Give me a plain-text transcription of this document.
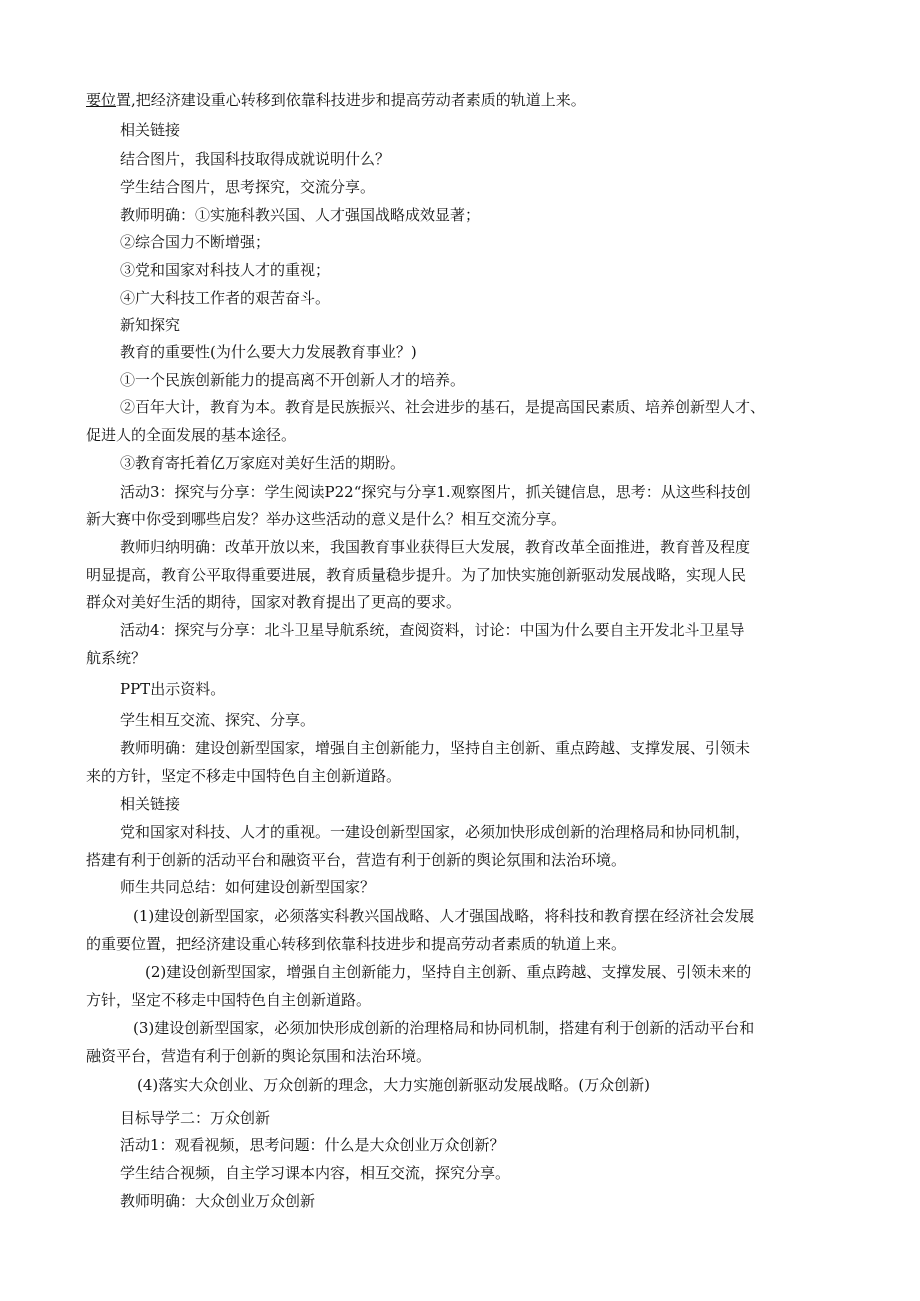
要位置,把经济建设重心转移到依靠科技进步和提高劳动者素质的轨道上来。
相关链接
结合图片，我国科技取得成就说明什么？
学生结合图片，思考探究，交流分享。
教师明确：①实施科教兴国、人才强国战略成效显著；
②综合国力不断增强；
③党和国家对科技人才的重视；
④广大科技工作者的艰苦奋斗。
新知探究
教育的重要性(为什么要大力发展教育事业？)
①一个民族创新能力的提高离不开创新人才的培养。
②百年大计，教育为本。教育是民族振兴、社会进步的基石，是提高国民素质、培养创新型人才、
促进人的全面发展的基本途径。
③教育寄托着亿万家庭对美好生活的期盼。
活动3：探究与分享：学生阅读P22“探究与分享1.观察图片，抓关键信息，思考：从这些科技创
新大赛中你受到哪些启发？举办这些活动的意义是什么？相互交流分享。
教师归纳明确：改革开放以来，我国教育事业获得巨大发展，教育改革全面推进，教育普及程度
明显提高，教育公平取得重要进展，教育质量稳步提升。为了加快实施创新驱动发展战略，实现人民
群众对美好生活的期待，国家对教育提出了更高的要求。
活动4：探究与分享：北斗卫星导航系统，查阅资料，讨论：中国为什么要自主开发北斗卫星导
航系统？
PPT出示资料。
学生相互交流、探究、分享。
教师明确：建设创新型国家，增强自主创新能力，坚持自主创新、重点跨越、支撑发展、引领未
来的方针，坚定不移走中国特色自主创新道路。
相关链接
党和国家对科技、人才的重视。一建设创新型国家，必须加快形成创新的治理格局和协同机制，
搭建有利于创新的活动平台和融资平台，营造有利于创新的舆论氛围和法治环境。
师生共同总结：如何建设创新型国家？
(1)建设创新型国家，必须落实科教兴国战略、人才强国战略，将科技和教育摆在经济社会发展
的重要位置，把经济建设重心转移到依靠科技进步和提高劳动者素质的轨道上来。
(2)建设创新型国家，增强自主创新能力，坚持自主创新、重点跨越、支撑发展、引领未来的
方针，坚定不移走中国特色自主创新道路。
(3)建设创新型国家，必须加快形成创新的治理格局和协同机制，搭建有利于创新的活动平台和
融资平台，营造有利于创新的舆论氛围和法治环境。
(4)落实大众创业、万众创新的理念，大力实施创新驱动发展战略。(万众创新)
目标导学二：万众创新
活动1：观看视频，思考问题：什么是大众创业万众创新？
学生结合视频，自主学习课本内容，相互交流，探究分享。
教师明确：大众创业万众创新
